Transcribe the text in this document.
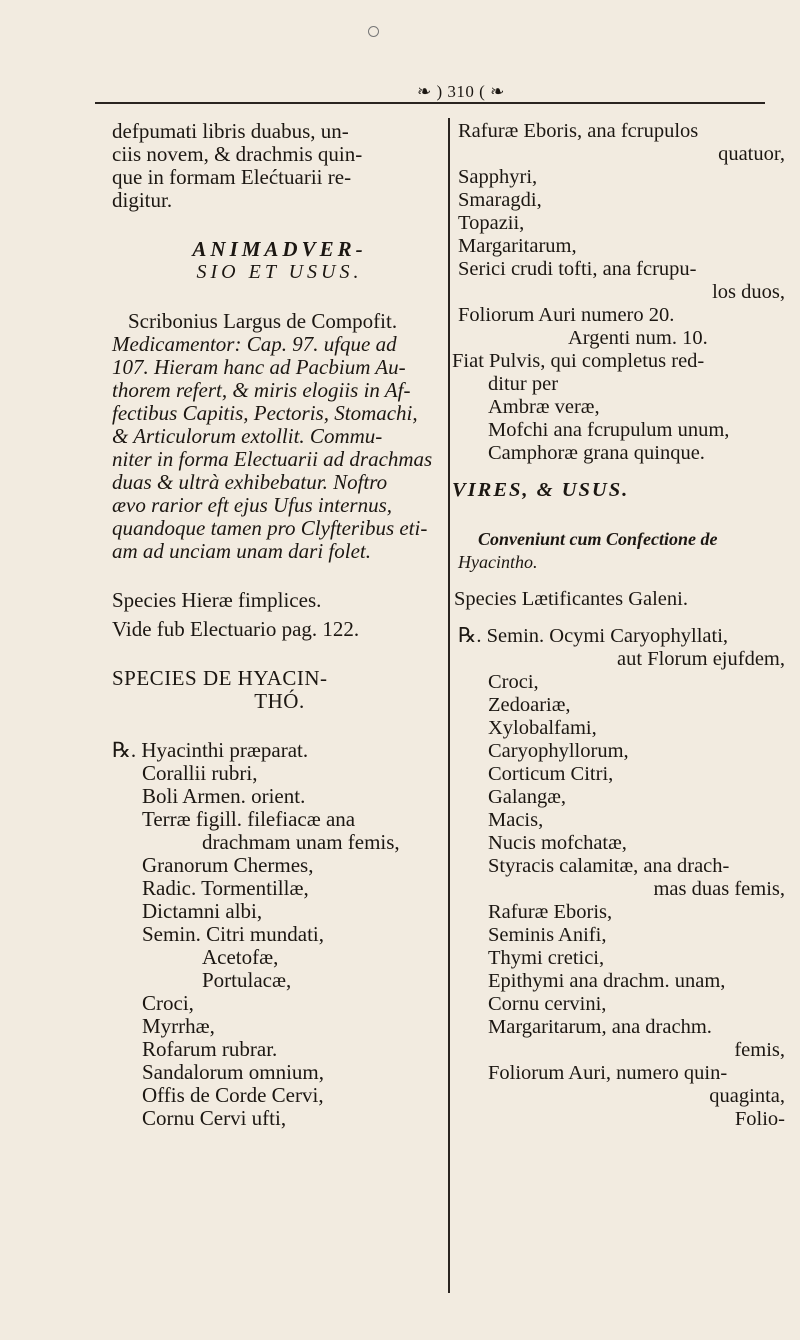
❧ ) 310 ( ❧
defpumati libris duabus, un-
ciis novem, & drachmis quin-
que in formam Elećtuarii re-
digitur.
ANIMADVER-
SIO ET USUS.
Scribonius Largus de Compofit.
Medicamentor: Cap. 97. ufque ad
107. Hieram hanc ad Pacbium Au-
thorem refert, & miris elogiis in Af-
fectibus Capitis, Pectoris, Stomachi,
& Articulorum extollit. Commu-
niter in forma Electuarii ad drachmas
duas & ultrà exhibebatur. Noftro
ævo rarior eft ejus Ufus internus,
quandoque tamen pro Clyfteribus eti-
am ad unciam unam dari folet.
Species Hieræ fimplices.
Vide fub Electuario pag. 122.
SPECIES DE HYACIN-
THÓ.
℞. Hyacinthi præparat.
Corallii rubri,
Boli Armen. orient.
Terræ figill. filefiacæ ana
drachmam unam femis,
Granorum Chermes,
Radic. Tormentillæ,
Dictamni albi,
Semin. Citri mundati,
Acetofæ,
Portulacæ,
Croci,
Myrrhæ,
Rofarum rubrar.
Sandalorum omnium,
Offis de Corde Cervi,
Cornu Cervi ufti,
Rafuræ Eboris, ana fcrupulos
quatuor,
Sapphyri,
Smaragdi,
Topazii,
Margaritarum,
Serici crudi tofti, ana fcrupu-
los duos,
Foliorum Auri numero 20.
Argenti num. 10.
Fiat Pulvis, qui completus red-
ditur per
Ambræ veræ,
Mofchi ana fcrupulum unum,
Camphoræ grana quinque.
VIRES, & USUS.
Conveniunt cum Confectione de
Hyacintho.
Species Lætificantes Galeni.
℞. Semin. Ocymi Caryophyllati,
aut Florum ejufdem,
Croci,
Zedoariæ,
Xylobalfami,
Caryophyllorum,
Corticum Citri,
Galangæ,
Macis,
Nucis mofchatæ,
Styracis calamitæ, ana drach-
mas duas femis,
Rafuræ Eboris,
Seminis Anifi,
Thymi cretici,
Epithymi ana drachm. unam,
Cornu cervini,
Margaritarum, ana drachm.
femis,
Foliorum Auri, numero quin-
quaginta,
Folio-
